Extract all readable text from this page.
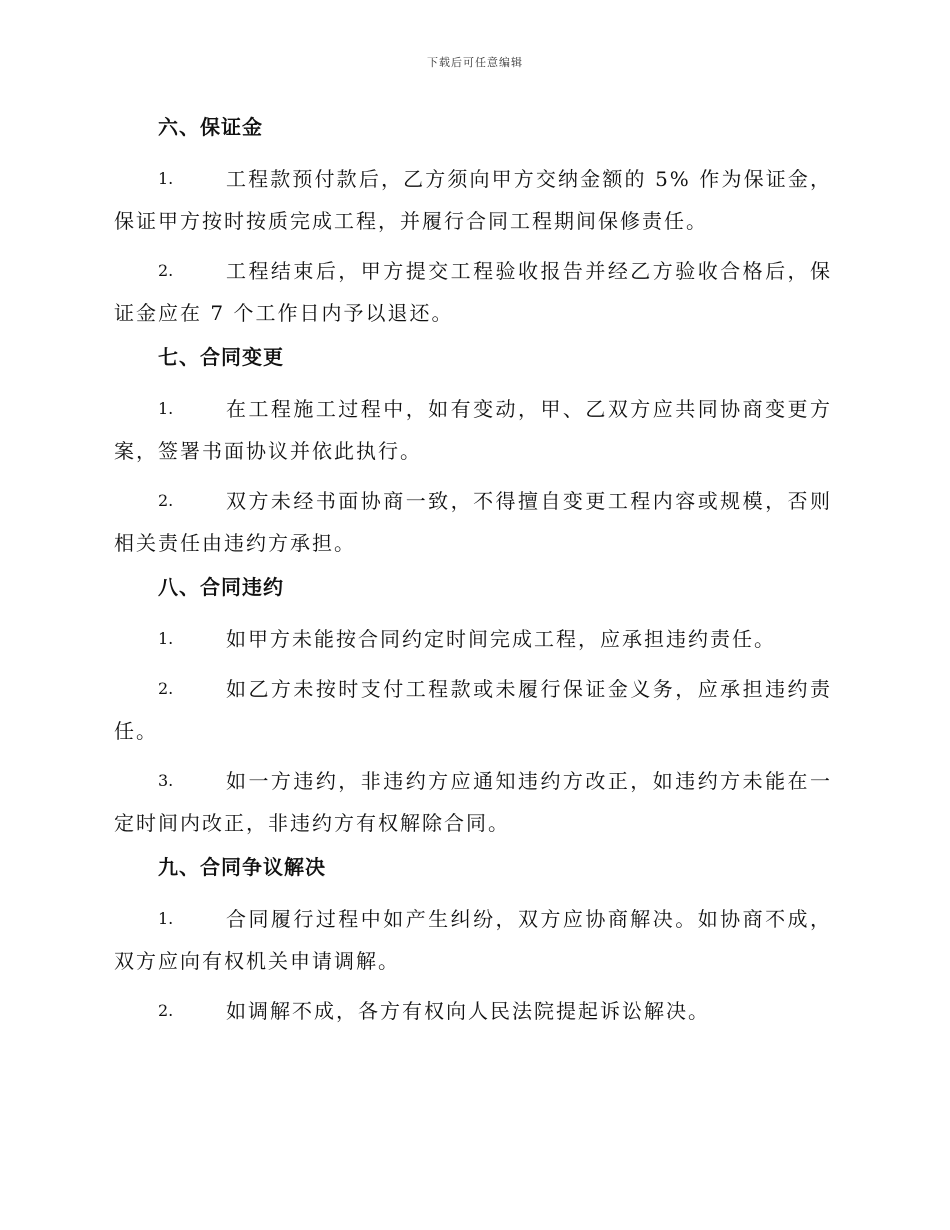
下载后可任意编辑
六、保证金
1.	工程款预付款后，乙方须向甲方交纳金额的 5% 作为保证金，保证甲方按时按质完成工程，并履行合同工程期间保修责任。
2.	工程结束后，甲方提交工程验收报告并经乙方验收合格后，保证金应在 7 个工作日内予以退还。
七、合同变更
1.	在工程施工过程中，如有变动，甲、乙双方应共同协商变更方案，签署书面协议并依此执行。
2.	双方未经书面协商一致，不得擅自变更工程内容或规模，否则相关责任由违约方承担。
八、合同违约
1.	如甲方未能按合同约定时间完成工程，应承担违约责任。
2.	如乙方未按时支付工程款或未履行保证金义务，应承担违约责任。
3.	如一方违约，非违约方应通知违约方改正，如违约方未能在一定时间内改正，非违约方有权解除合同。
九、合同争议解决
1.	合同履行过程中如产生纠纷，双方应协商解决。如协商不成，双方应向有权机关申请调解。
2.	如调解不成，各方有权向人民法院提起诉讼解决。
